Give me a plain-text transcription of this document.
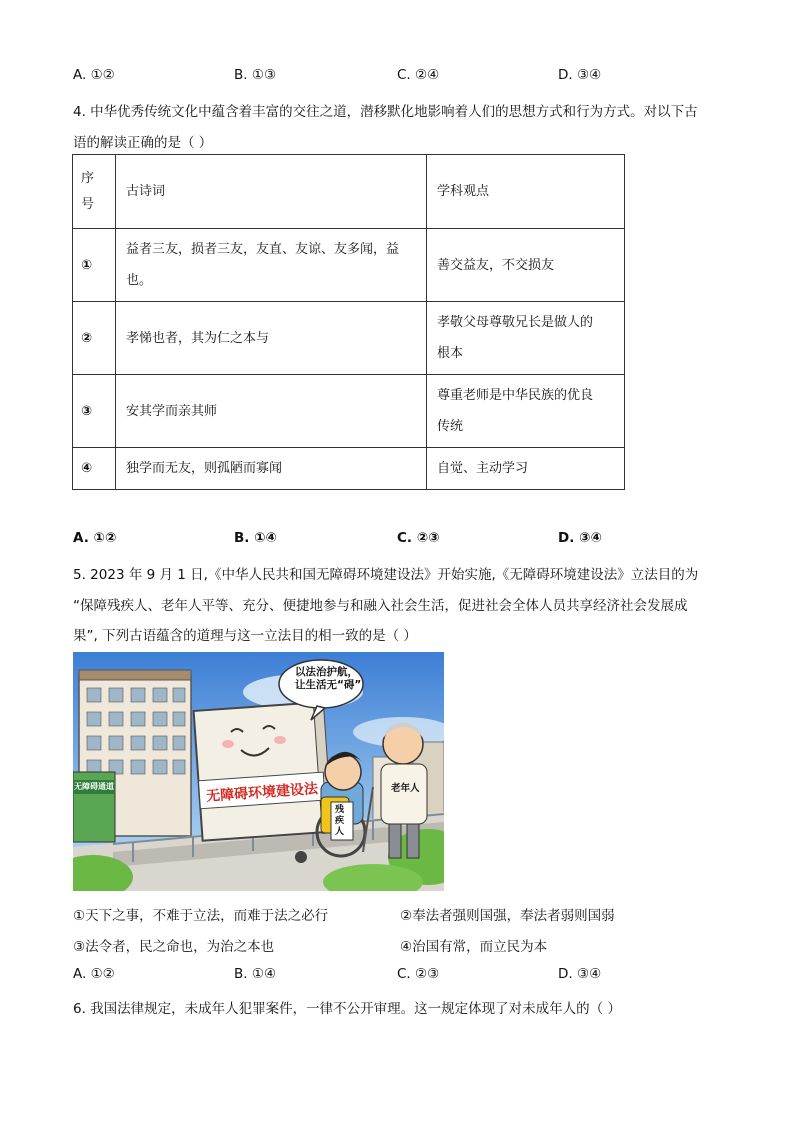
A. ①②	B. ①③	C. ②④	D. ③④
4. 中华优秀传统文化中蕴含着丰富的交往之道，潜移默化地影响着人们的思想方式和行为方式。对以下古
语的解读正确的是（ ）
序号	古诗词	学科观点
①	益者三友，损者三友，友直、友谅、友多闻，益
也。	善交益友，不交损友

②	孝悌也者，其为仁之本与	孝敬父母尊敬兄长是做人的
根本

③	安其学而亲其师	尊重老师是中华民族的优良
传统

④	独学而无友，则孤陋而寡闻	自觉、主动学习
A. ①②	B. ①④	C. ②③	D. ③④
5. 2023 年 9 月 1 日,《中华人民共和国无障碍环境建设法》开始实施,《无障碍环境建设法》立法目的为
“保障残疾人、老年人平等、充分、便捷地参与和融入社会生活，促进社会全体人员共享经济社会发展成
果”, 下列古语蕴含的道理与这一立法目的相一致的是（ ）
以法治护航，
让生活无“碍”
无障碍环境建设法
无障碍通道	老年人
残
疾
人
①天下之事，不难于立法，而难于法之必行	②奉法者强则国强，奉法者弱则国弱
③法令者，民之命也，为治之本也	④治国有常，而立民为本
A. ①②	B. ①④	C. ②③	D. ③④
6. 我国法律规定，未成年人犯罪案件，一律不公开审理。这一规定体现了对未成年人的（ ）
